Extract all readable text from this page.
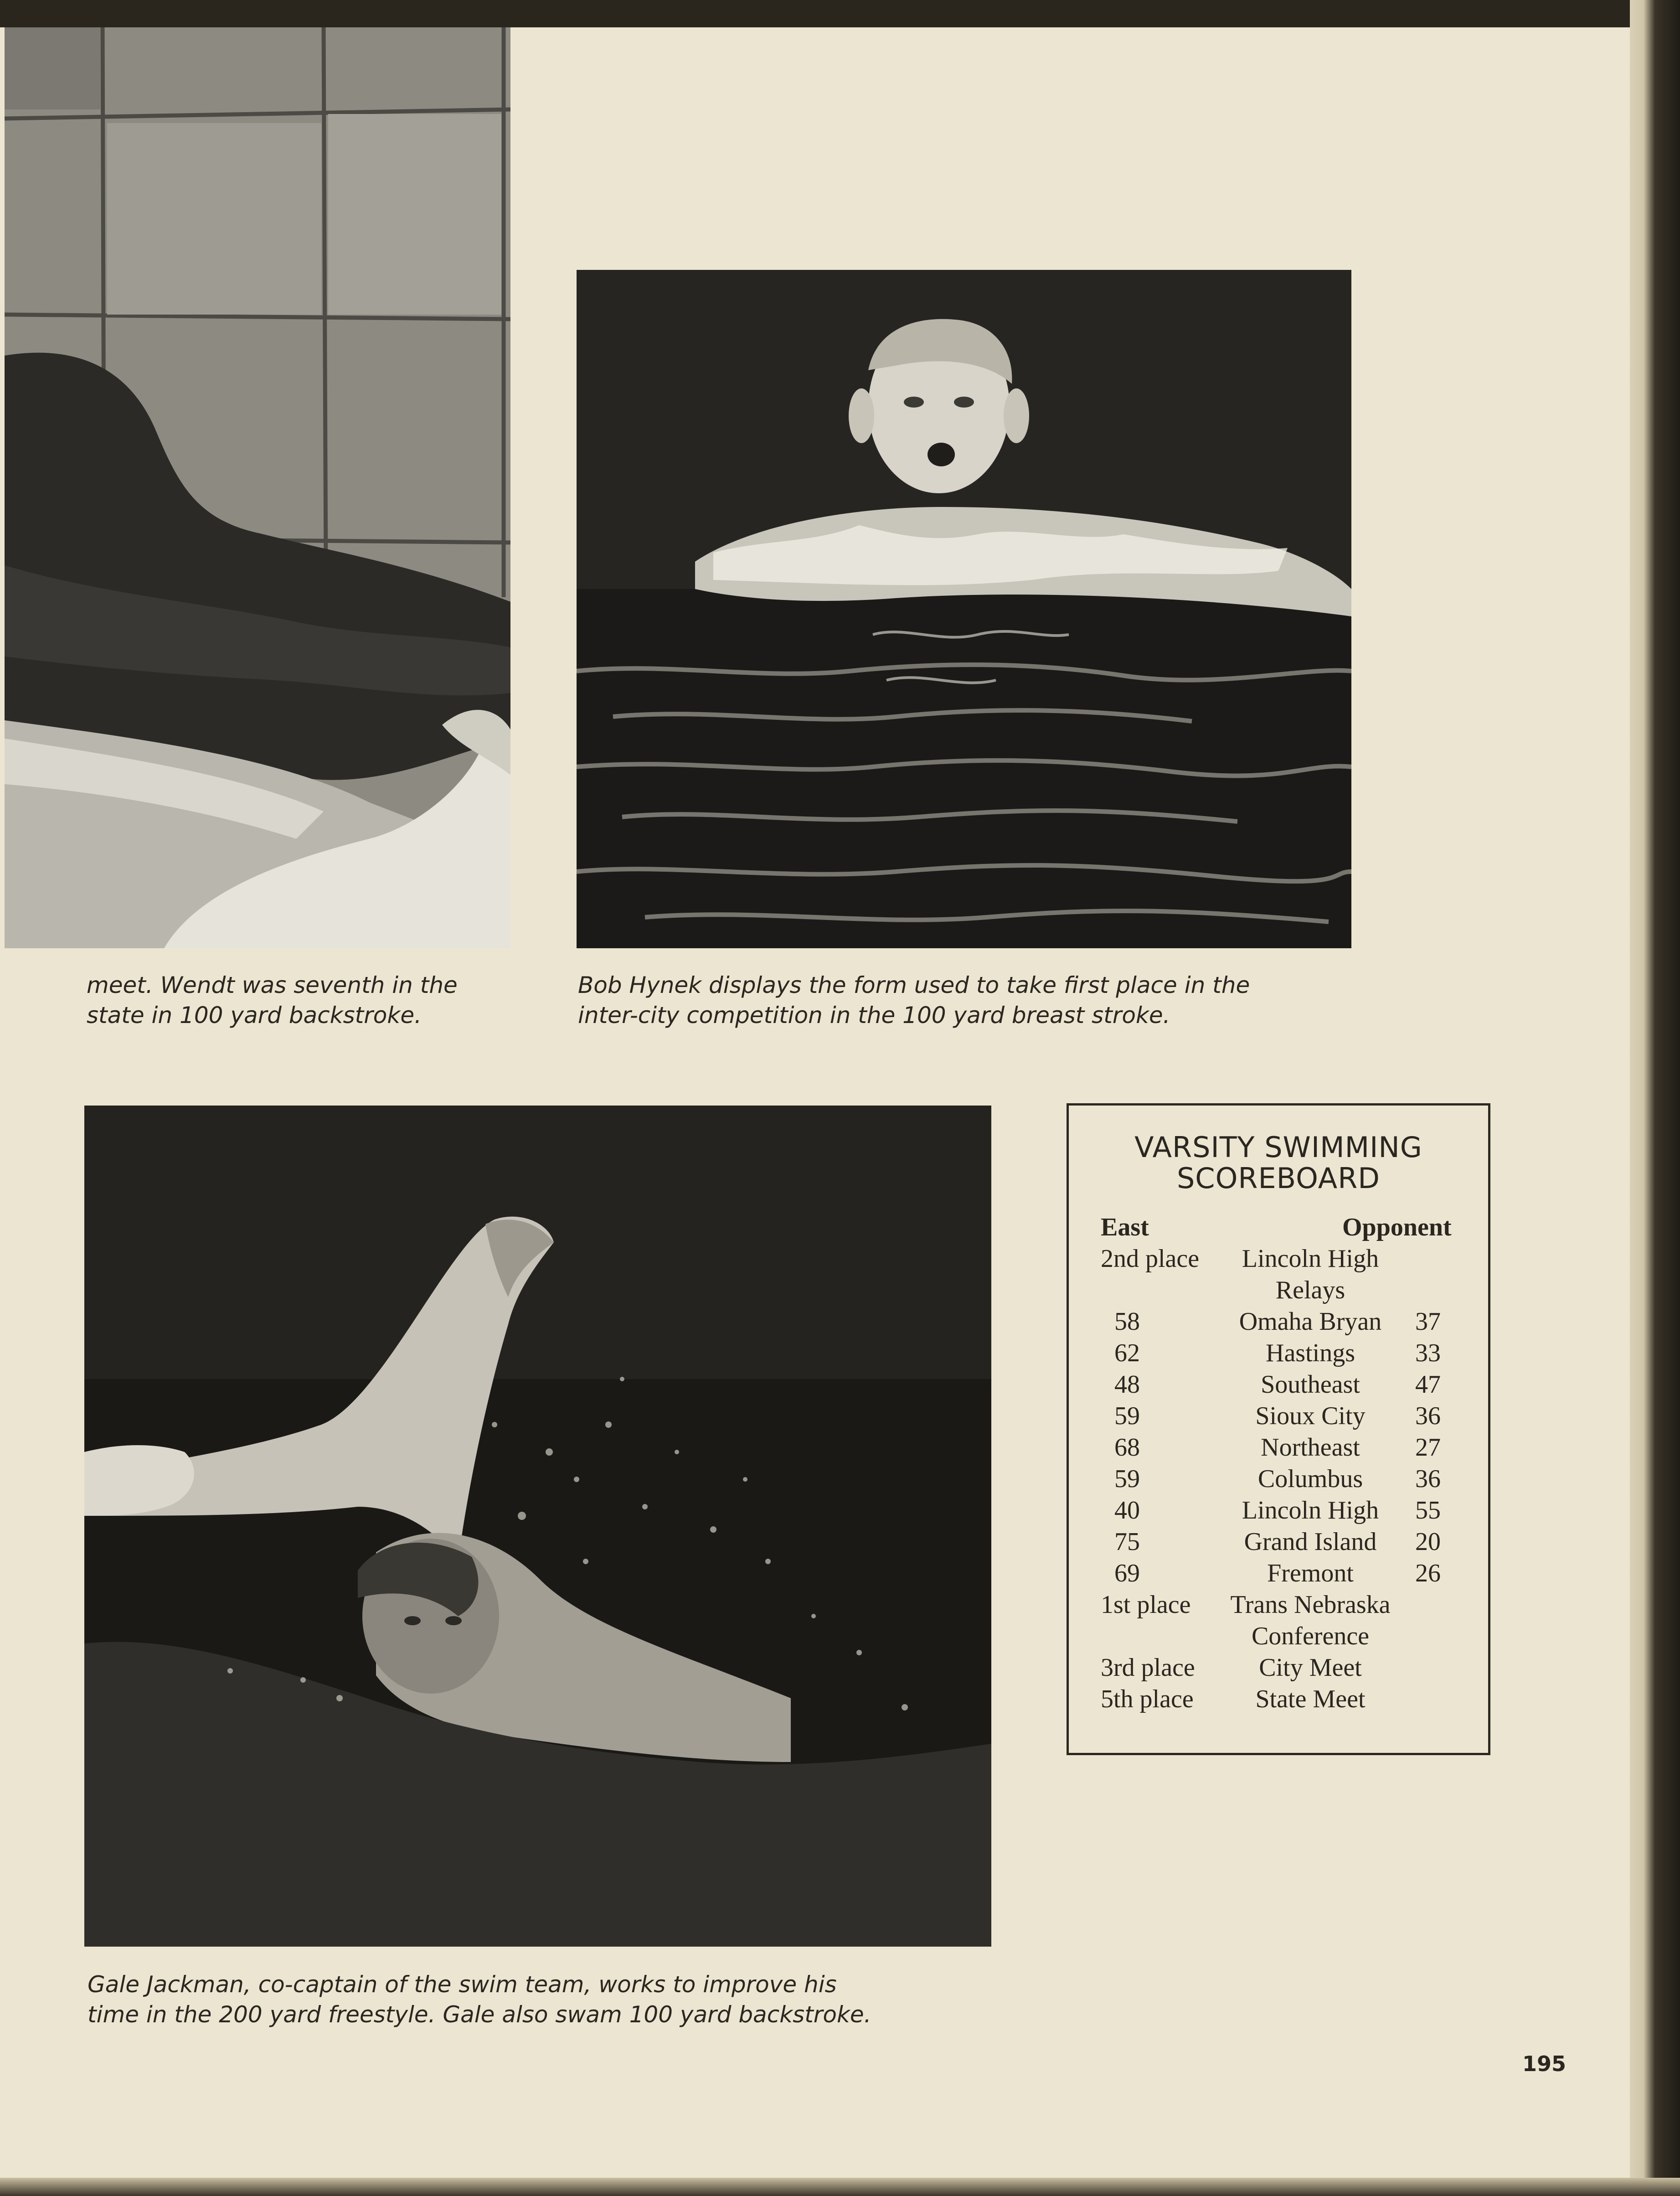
meet. Wendt was seventh in the
state in 100 yard backstroke.

Bob Hynek displays the form used to take first place in the
inter-city competition in the 100 yard breast stroke.

Gale Jackman, co-captain of the swim team, works to improve his
time in the 200 yard freestyle. Gale also swam 100 yard backstroke.

VARSITY SWIMMING
SCOREBOARD
East	Opponent
2nd place	Lincoln High
Relays
58	Omaha Bryan	37
62	Hastings	33
48	Southeast	47
59	Sioux City	36
68	Northeast	27
59	Columbus	36
40	Lincoln High	55
75	Grand Island	20
69	Fremont	26
1st place	Trans Nebraska
Conference
3rd place	City Meet
5th place	State Meet
195
